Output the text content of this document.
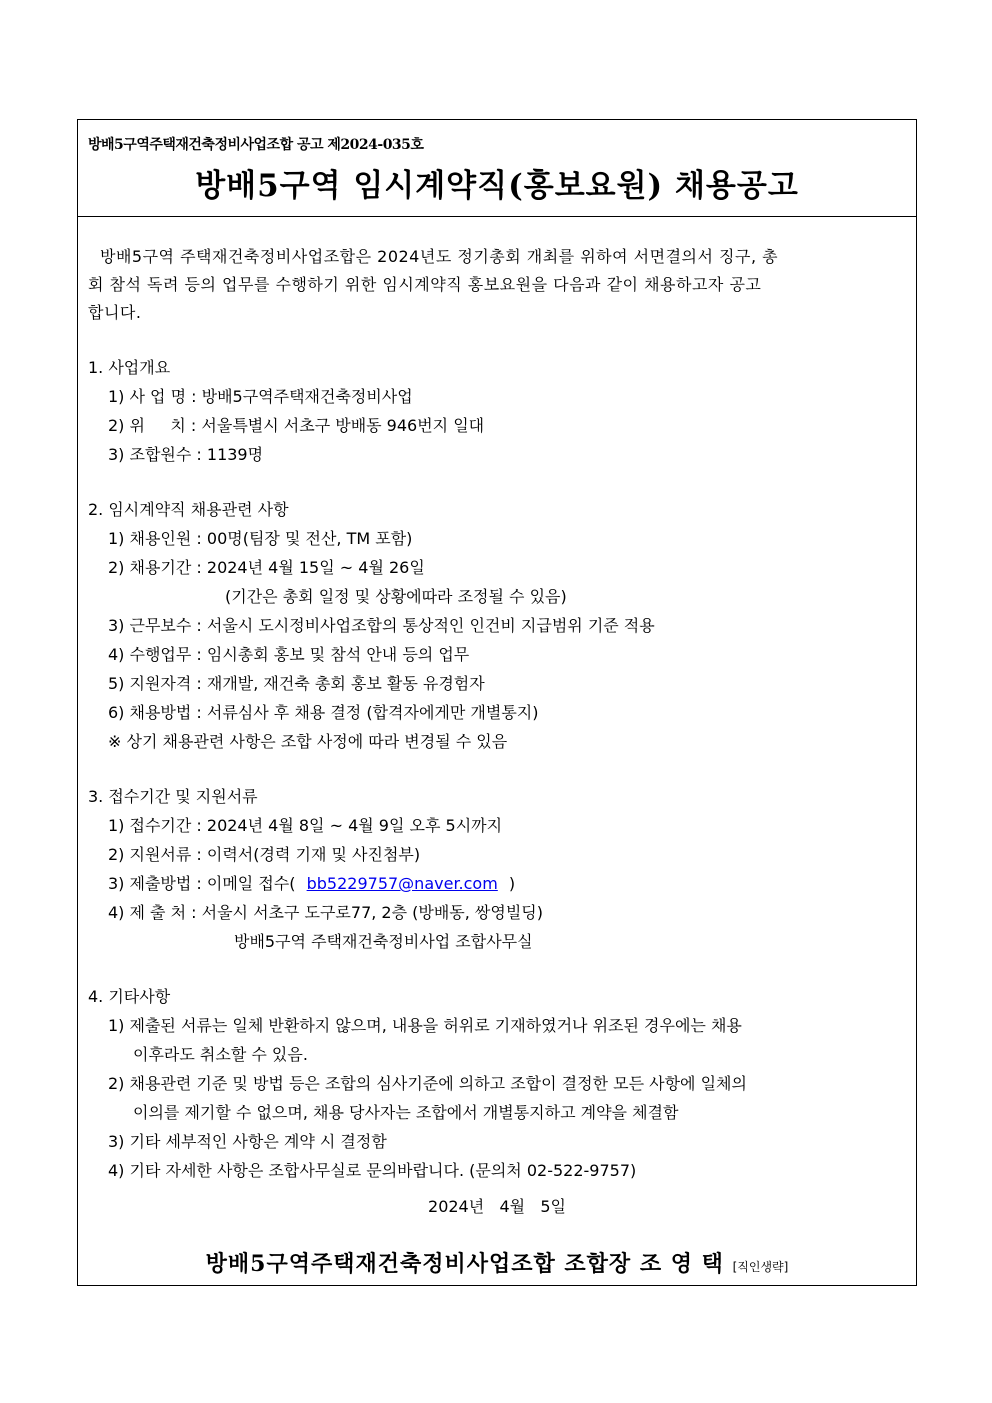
방배5구역주택재건축정비사업조합 공고 제2024-035호
방배5구역 임시계약직(홍보요원) 채용공고
방배5구역 주택재건축정비사업조합은 2024년도 정기총회 개최를 위하여 서면결의서 징구, 총
회 참석 독려 등의 업무를 수행하기 위한 임시계약직 홍보요원을 다음과 같이 채용하고자 공고
합니다.
1. 사업개요
1) 사 업 명 : 방배5구역주택재건축정비사업
2) 위     치 : 서울특별시 서초구 방배동 946번지 일대
3) 조합원수 : 1139명
2. 임시계약직 채용관련 사항
1) 채용인원 : 00명(팀장 및 전산, TM 포함)
2) 채용기간 : 2024년 4월 15일 ~ 4월 26일
(기간은 총회 일정 및 상황에따라 조정될 수 있음)
3) 근무보수 : 서울시 도시정비사업조합의 통상적인 인건비 지급범위 기준 적용
4) 수행업무 : 임시총회 홍보 및 참석 안내 등의 업무
5) 지원자격 : 재개발, 재건축 총회 홍보 활동 유경험자
6) 채용방법 : 서류심사 후 채용 결정 (합격자에게만 개별통지)
※ 상기 채용관련 사항은 조합 사정에 따라 변경될 수 있음
3. 접수기간 및 지원서류
1) 접수기간 : 2024년 4월 8일 ~ 4월 9일 오후 5시까지
2) 지원서류 : 이력서(경력 기재 및 사진첨부)
3) 제출방법 : 이메일 접수( bb5229757@naver.com )
4) 제 출 처 : 서울시 서초구 도구로77, 2층 (방배동, 쌍영빌딩)
방배5구역 주택재건축정비사업 조합사무실
4. 기타사항
1) 제출된 서류는 일체 반환하지 않으며, 내용을 허위로 기재하였거나 위조된 경우에는 채용
이후라도 취소할 수 있음.
2) 채용관련 기준 및 방법 등은 조합의 심사기준에 의하고 조합이 결정한 모든 사항에 일체의
이의를 제기할 수 없으며, 채용 당사자는 조합에서 개별통지하고 계약을 체결함
3) 기타 세부적인 사항은 계약 시 결정함
4) 기타 자세한 사항은 조합사무실로 문의바랍니다. (문의처 02-522-9757)
2024년   4월   5일
방배5구역주택재건축정비사업조합 조합장 조 영 택 [직인생략]
